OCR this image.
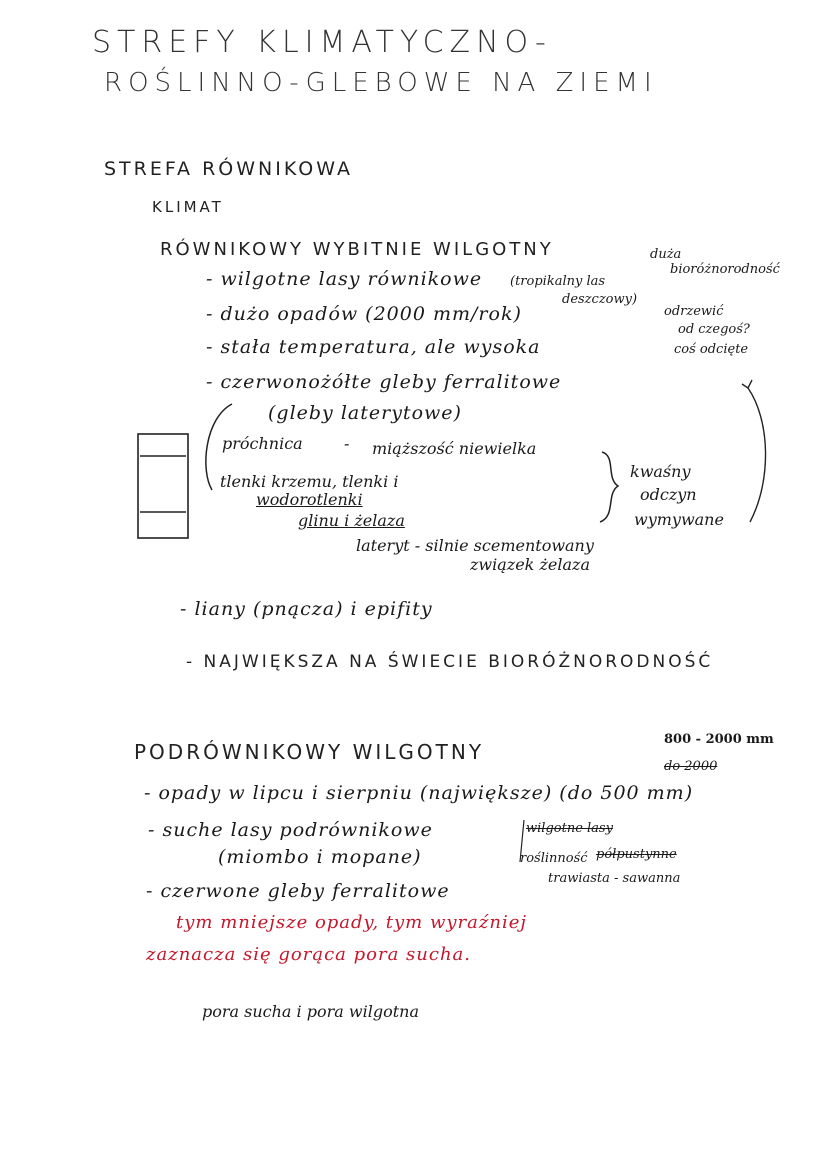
STREFY KLIMATYCZNO-
ROŚLINNO-GLEBOWE NA ZIEMI
STREFA RÓWNIKOWA
KLIMAT
RÓWNIKOWY WYBITNIE WILGOTNY
- wilgotne lasy równikowe (tropikalny las
deszczowy)
- dużo opadów (2000 mm/rok)
- stała temperatura, ale wysoka
- czerwonożółte gleby ferralitowe
(gleby laterytowe)
duża
bioróżnorodność
odrzewić
od czegoś?
coś odcięte
próchnica	- miąższość niewielka
tlenki krzemu, tlenki i
wodorotlenki
glinu i żelaza
kwaśny
odczyn
wymywane
lateryt - silnie scementowany
związek żelaza
- liany (pnącza) i epifity
- NAJWIĘKSZA NA ŚWIECIE BIORÓŻNORODNOŚĆ
PODRÓWNIKOWY WILGOTNY
800 - 2000 mm
do 2000
- opady w lipcu i sierpniu (największe) (do 500 mm)
- suche lasy podrównikowe
(miombo i mopane)
wilgotne lasy
roślinność półpustynne
trawiasta - sawanna
- czerwone gleby ferralitowe
tym mniejsze opady, tym wyraźniej
zaznacza się gorąca pora sucha.
pora sucha i pora wilgotna
